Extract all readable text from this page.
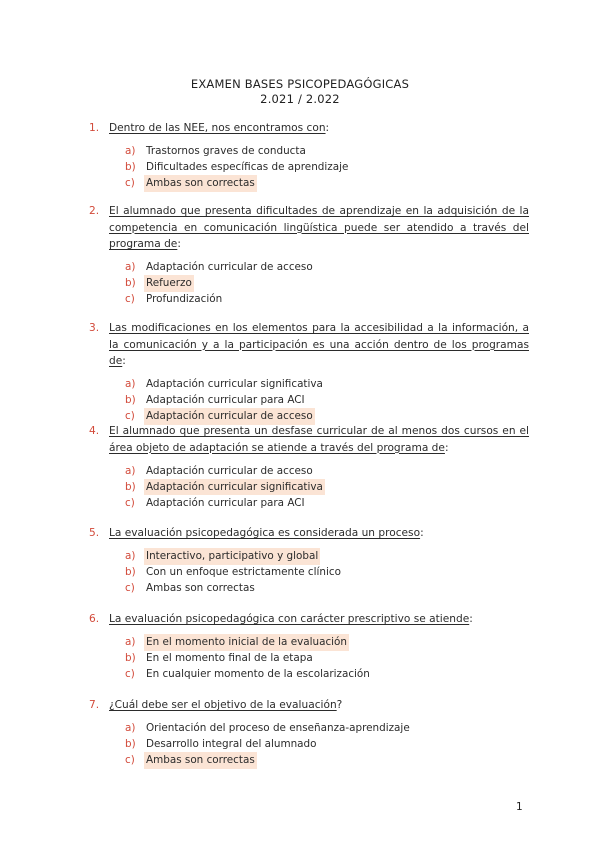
EXAMEN BASES PSICOPEDAGÓGICAS
2.021 / 2.022
1. Dentro de las NEE, nos encontramos con:
a)	Trastornos graves de conducta
b) Dificultades específicas de aprendizaje
c)	Ambas son correctas
2. El alumnado que presenta dificultades de aprendizaje en la adquisición de la competencia en comunicación lingüística puede ser atendido a través del programa de:
a)	Adaptación curricular de acceso
b) Refuerzo
c)	Profundización
3. Las modificaciones en los elementos para la accesibilidad a la información, a la comunicación y a la participación es una acción dentro de los programas de:
a)	Adaptación curricular significativa
b) Adaptación curricular para ACI
c)	Adaptación curricular de acceso
4. El alumnado que presenta un desfase curricular de al menos dos cursos en el área objeto de adaptación se atiende a través del programa de:
a)	Adaptación curricular de acceso
b) Adaptación curricular significativa
c)	Adaptación curricular para ACI
5. La evaluación psicopedagógica es considerada un proceso:
a)	Interactivo, participativo y global
b) Con un enfoque estrictamente clínico
c)	Ambas son correctas
6. La evaluación psicopedagógica con carácter prescriptivo se atiende:
a)	En el momento inicial de la evaluación
b) En el momento final de la etapa
c)	En cualquier momento de la escolarización
7. ¿Cuál debe ser el objetivo de la evaluación?
a)	Orientación del proceso de enseñanza-aprendizaje
b) Desarrollo integral del alumnado
c)	Ambas son correctas
1
